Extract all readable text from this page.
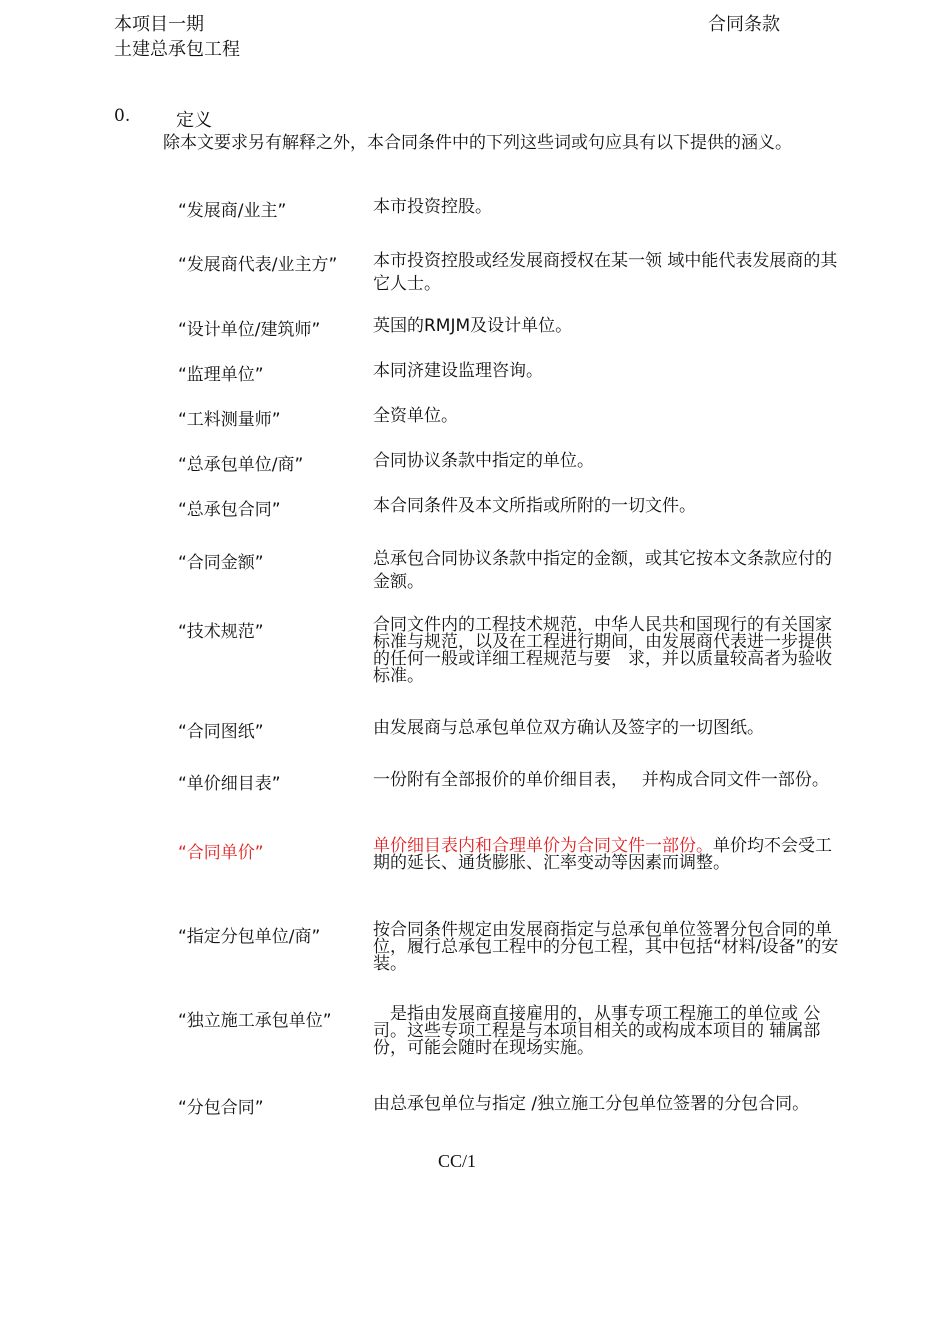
本项目一期
土建总承包工程
合同条款
0.	定义
除本文要求另有解释之外，本合同条件中的下列这些词或句应具有以下提供的涵义。
“发展商/业主”	本市投资控股。
“发展商代表/业主方” 本市投资控股或经发展商授权在某一领 域中能代表发展商的其它人士。
“设计单位/建筑师”	英国的RMJM及设计单位。
“监理单位”	本同济建设监理咨询。
“工料测量师”	全资单位。
“总承包单位/商”	合同协议条款中指定的单位。
“总承包合同”	本合同条件及本文所指或所附的一切文件。
“合同金额”	总承包合同协议条款中指定的金额，或其它按本文条款应付的金额。
“技术规范”	合同文件内的工程技术规范，中华人民共和国现行的有关国家标准与规范，以及在工程进行期间，由发展商代表进一步提供的任何一般或详细工程规范与要　求，并以质量较高者为验收标准。
“合同图纸”	由发展商与总承包单位双方确认及签字的一切图纸。
“单价细目表”	一份附有全部报价的单价细目表，　 并构成合同文件一部份。
“合同单价”	单价细目表内和合理单价为合同文件一部份。单价均不会受工期的延长、通货膨胀、汇率变动等因素而调整。
“指定分包单位/商”	按合同条件规定由发展商指定与总承包单位签署分包合同的单位，履行总承包工程中的分包工程，其中包括“材料/设备”的安装。
“独立施工承包单位” 　是指由发展商直接雇用的，从事专项工程施工的单位或 公司。这些专项工程是与本项目相关的或构成本项目的 辅属部份，可能会随时在现场实施。
“分包合同”	由总承包单位与指定 /独立施工分包单位签署的分包合同。
CC/1
